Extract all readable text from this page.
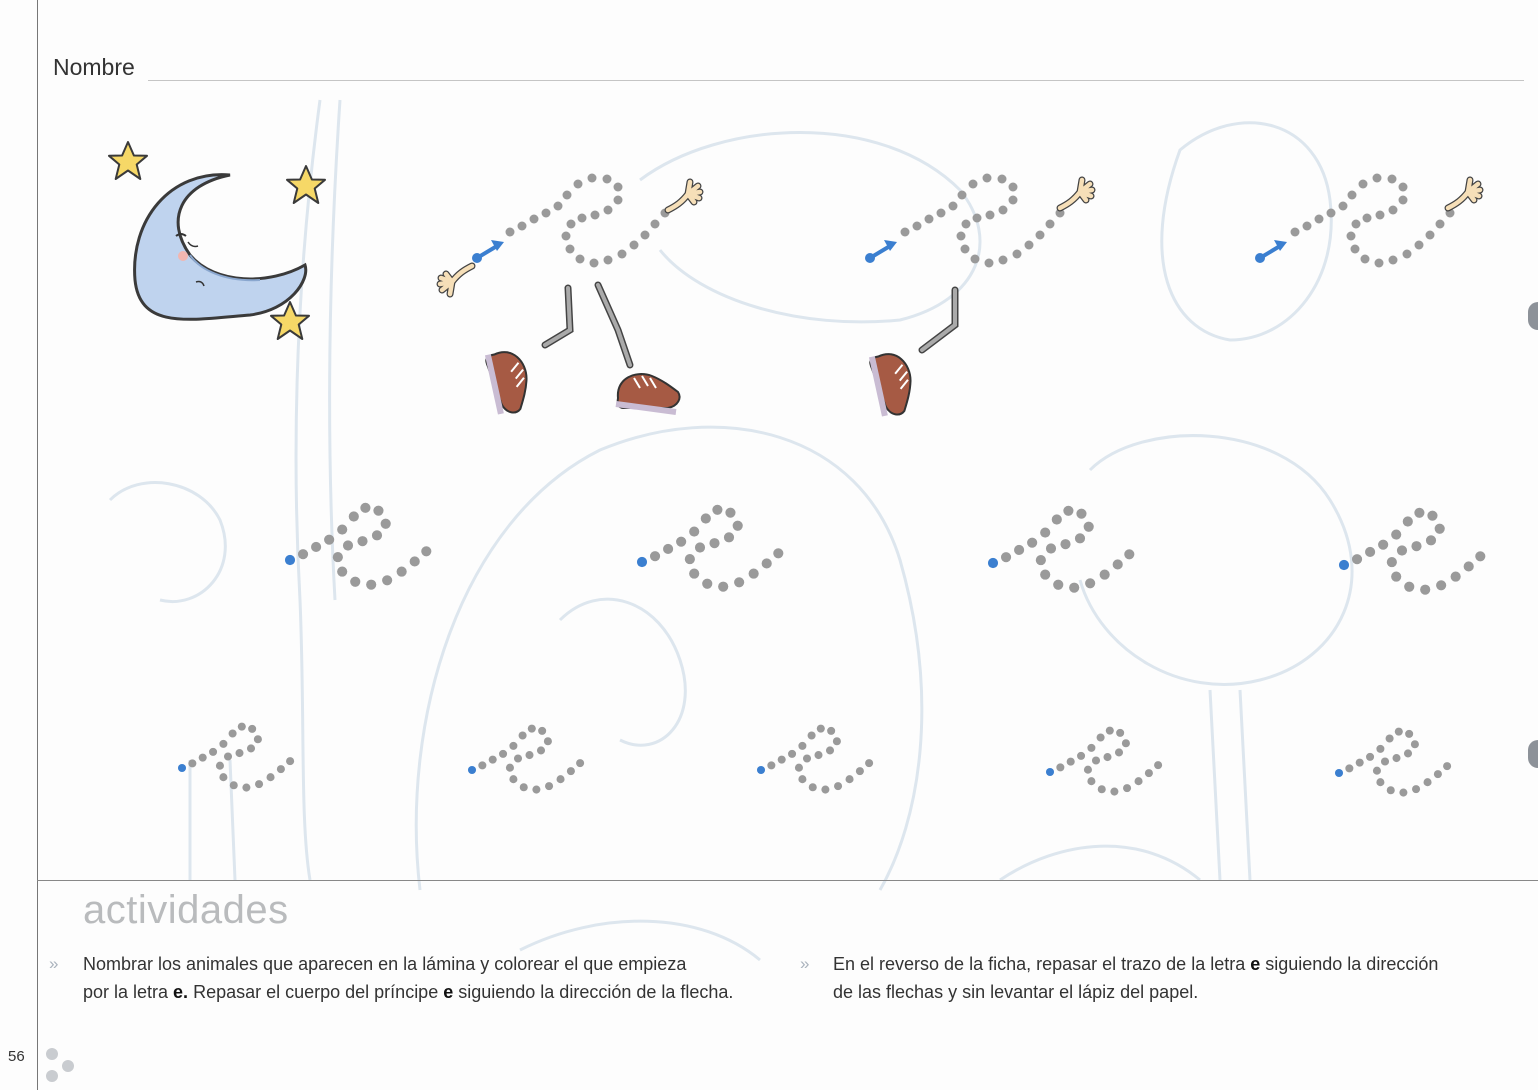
Nombre
actividades
» Nombrar los animales que aparecen en la lámina y colorear el que empieza
por la letra e. Repasar el cuerpo del príncipe e siguiendo la dirección de la flecha.
» En el reverso de la ficha, repasar el trazo de la letra e siguiendo la dirección
de las flechas y sin levantar el lápiz del papel.
56
